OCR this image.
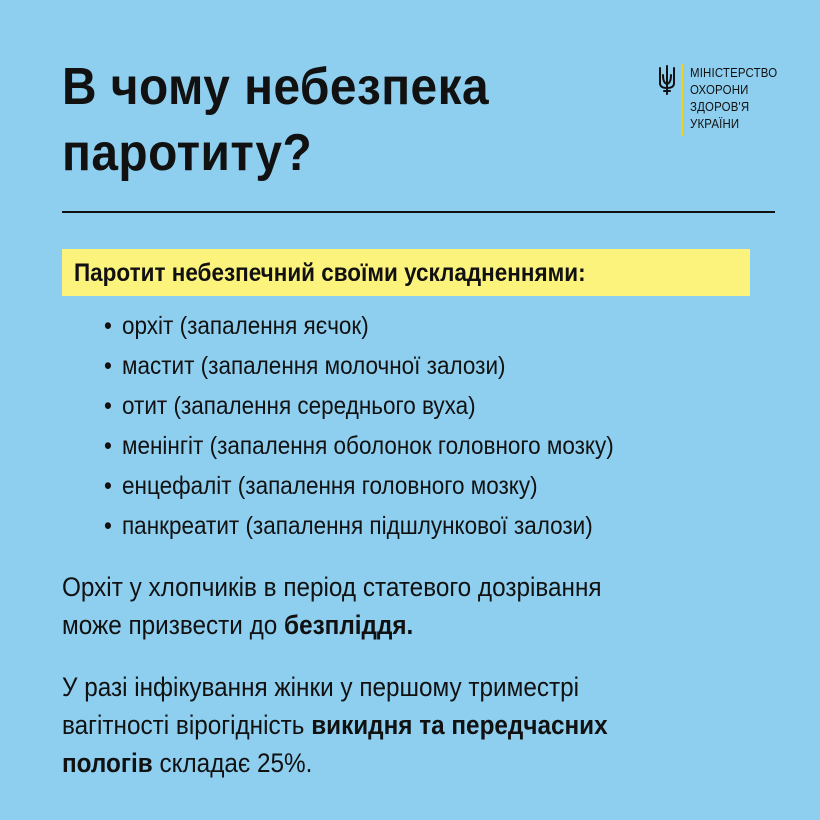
В чому небезпека
паротиту?
МІНІСТЕРСТВО
ОХОРОНИ
ЗДОРОВ'Я
УКРАЇНИ
Паротит небезпечний своїми ускладненнями:
• орхіт (запалення яєчок)
• мастит (запалення молочної залози)
• отит (запалення середнього вуха)
• менінгіт (запалення оболонок головного мозку)
• енцефаліт (запалення головного мозку)
• панкреатит (запалення підшлункової залози)

Орхіт у хлопчиків в період статевого дозрівання
може призвести до безпліддя.

У разі інфікування жінки у першому триместрі
вагітності вірогідність викидня та передчасних
пологів складає 25%.
